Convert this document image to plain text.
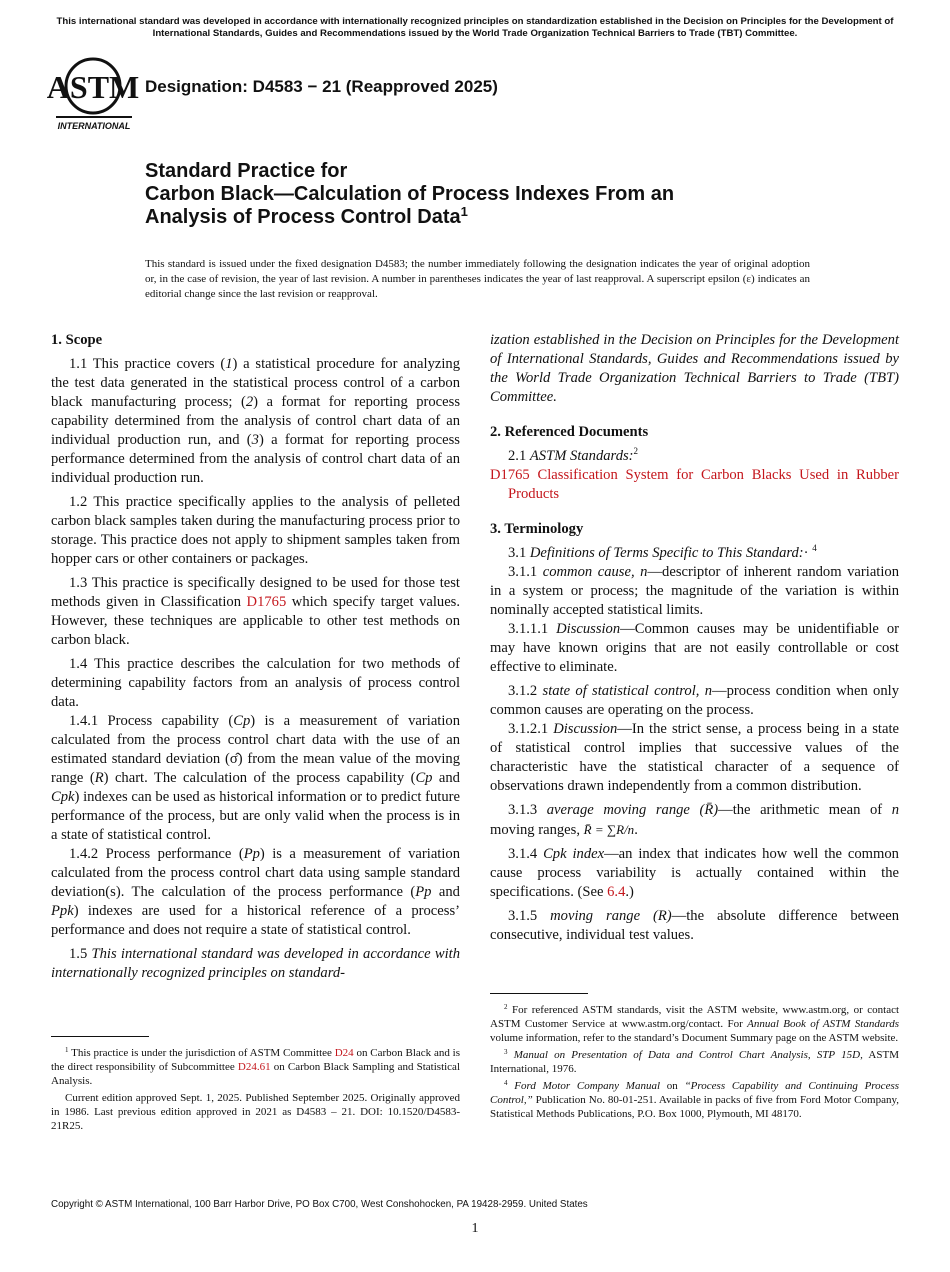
This international standard was developed in accordance with internationally recognized principles on standardization established in the Decision on Principles for the Development of International Standards, Guides and Recommendations issued by the World Trade Organization Technical Barriers to Trade (TBT) Committee.
ASTM
INTERNATIONAL
Designation: D4583 − 21 (Reapproved 2025)
Standard Practice for
Carbon Black—Calculation of Process Indexes From an
Analysis of Process Control Data$^1$
This standard is issued under the fixed designation D4583; the number immediately following the designation indicates the year of original adoption or, in the case of revision, the year of last revision. A number in parentheses indicates the year of last reapproval. A superscript epsilon (ε) indicates an editorial change since the last revision or reapproval.
1. Scope

1.1 This practice covers (1) a statistical procedure for analyzing the test data generated in the statistical process control of a carbon black manufacturing process; (2) a format for reporting process capability determined from the analysis of control chart data of an individual production run, and (3) a format for reporting process performance determined from the analysis of control chart data of an individual production run.

1.2 This practice specifically applies to the analysis of pelleted carbon black samples taken during the manufacturing process prior to storage. This practice does not apply to shipment samples taken from hopper cars or other containers or packages.

1.3 This practice is specifically designed to be used for those test methods given in Classification D1765 which specify target values. However, these techniques are applicable to other test methods on carbon black.

1.4 This practice describes the calculation for two methods of determining capability factors from an analysis of process control data.

1.4.1 Process capability (Cp) is a measurement of variation calculated from the process control chart data with the use of an estimated standard deviation (σ̂) from the mean value of the moving range (R) chart. The calculation of the process capability (Cp and Cpk) indexes can be used as historical information or to predict future performance of the process, but are only valid when the process is in a state of statistical control.

1.4.2 Process performance (Pp) is a measurement of variation calculated from the process control chart data using sample standard deviation(s). The calculation of the process performance (Pp and Ppk) indexes are used for a historical reference of a process’ performance and does not require a state of statistical control.

1.5 This international standard was developed in accordance with internationally recognized principles on standard-

ization established in the Decision on Principles for the Development of International Standards, Guides and Recommendations issued by the World Trade Organization Technical Barriers to Trade (TBT) Committee.

2. Referenced Documents

2.1 ASTM Standards:$^2$

D1765 Classification System for Carbon Blacks Used in Rubber Products

3. Terminology

3.1 Definitions of Terms Specific to This Standard:· $^4$

3.1.1 common cause, n—descriptor of inherent random variation in a system or process; the magnitude of the variation is within nominally accepted statistical limits.

3.1.1.1 Discussion—Common causes may be unidentifiable or may have known origins that are not easily controllable or cost effective to eliminate.

3.1.2 state of statistical control, n—process condition when only common causes are operating on the process.

3.1.2.1 Discussion—In the strict sense, a process being in a state of statistical control implies that successive values of the characteristic have the statistical character of a sequence of observations drawn independently from a common distribution.

3.1.3 average moving range (R̄)—the arithmetic mean of n moving ranges, R̄ = ∑R/n.

3.1.4 Cpk index—an index that indicates how well the common cause process variability is actually contained within the specifications. (See 6.4.)

3.1.5 moving range (R)—the absolute difference between consecutive, individual test values.

$^1$ This practice is under the jurisdiction of ASTM Committee D24 on Carbon Black and is the direct responsibility of Subcommittee D24.61 on Carbon Black Sampling and Statistical Analysis.

Current edition approved Sept. 1, 2025. Published September 2025. Originally approved in 1986. Last previous edition approved in 2021 as D4583 – 21. DOI: 10.1520/D4583-21R25.

$^2$ For referenced ASTM standards, visit the ASTM website, www.astm.org, or contact ASTM Customer Service at www.astm.org/contact. For Annual Book of ASTM Standards volume information, refer to the standard’s Document Summary page on the ASTM website.

$^3$ Manual on Presentation of Data and Control Chart Analysis, STP 15D, ASTM International, 1976.

$^4$ Ford Motor Company Manual on “Process Capability and Continuing Process Control,” Publication No. 80-01-251. Available in packs of five from Ford Motor Company, Statistical Methods Publications, P.O. Box 1000, Plymouth, MI 48170.

Copyright © ASTM International, 100 Barr Harbor Drive, PO Box C700, West Conshohocken, PA 19428-2959. United States
1
